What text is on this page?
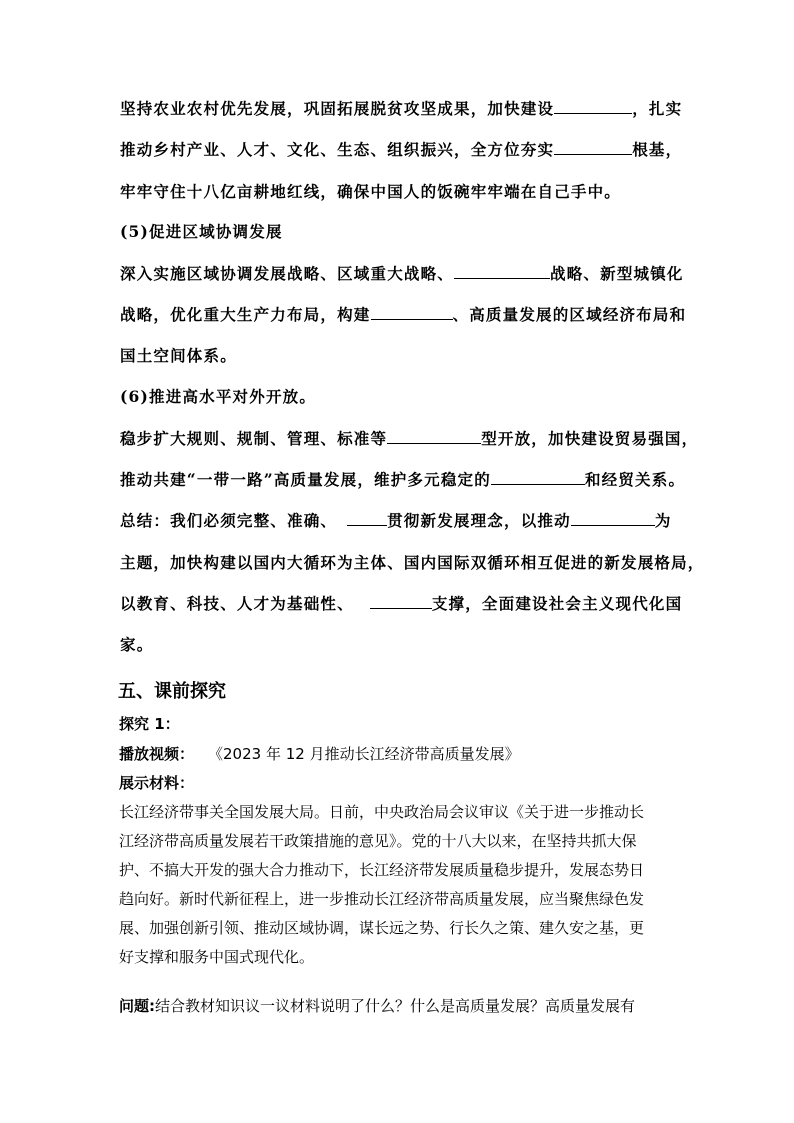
坚持农业农村优先发展，巩固拓展脱贫攻坚成果，加快建设	，扎实
推动乡村产业、人才、文化、生态、组织振兴，全方位夯实	根基，
牢牢守住十八亿亩耕地红线，确保中国人的饭碗牢牢端在自己手中。
(5)促进区域协调发展
深入实施区域协调发展战略、区域重大战略、	战略、新型城镇化
战略，优化重大生产力布局，构建	、高质量发展的区域经济布局和
国土空间体系。
(6)推进高水平对外开放。
稳步扩大规则、规制、管理、标准等	型开放，加快建设贸易强国，
推动共建“一带一路”高质量发展，维护多元稳定的	和经贸关系。
总结：我们必须完整、准确、	贯彻新发展理念，以推动	为
主题，加快构建以国内大循环为主体、国内国际双循环相互促进的新发展格局，
以教育、科技、人才为基础性、	支撑，全面建设社会主义现代化国
家。
五、课前探究
探究 1：
播放视频： 《2023 年 12 月推动长江经济带高质量发展》
展示材料：
长江经济带事关全国发展大局。日前，中央政治局会议审议《关于进一步推动长
江经济带高质量发展若干政策措施的意见》。党的十八大以来，在坚持共抓大保
护、不搞大开发的强大合力推动下，长江经济带发展质量稳步提升，发展态势日
趋向好。新时代新征程上，进一步推动长江经济带高质量发展，应当聚焦绿色发
展、加强创新引领、推动区域协调，谋长远之势、行长久之策、建久安之基，更
好支撑和服务中国式现代化。
问题:结合教材知识议一议材料说明了什么？什么是高质量发展？高质量发展有
